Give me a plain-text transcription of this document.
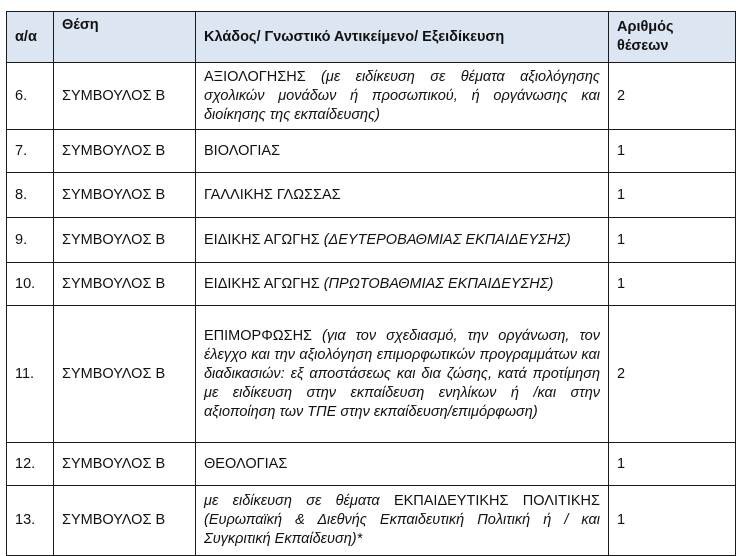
α/α	Θέση	Κλάδος/ Γνωστικό Αντικείμενο/ Εξειδίκευση	Αριθμός
θέσεων
6.	ΣΥΜΒΟΥΛΟΣ Β	ΑΞΙΟΛΟΓΗΣΗΣ (με ειδίκευση σε θέματα αξιολόγησης σχολικών μονάδων ή προσωπικού, ή οργάνωσης και διοίκησης της εκπαίδευσης)	2
7.	ΣΥΜΒΟΥΛΟΣ Β	ΒΙΟΛΟΓΙΑΣ	1
8.	ΣΥΜΒΟΥΛΟΣ Β	ΓΑΛΛΙΚΗΣ ΓΛΩΣΣΑΣ	1
9.	ΣΥΜΒΟΥΛΟΣ Β	ΕΙΔΙΚΗΣ ΑΓΩΓΗΣ (ΔΕΥΤΕΡΟΒΑΘΜΙΑΣ ΕΚΠΑΙΔΕΥΣΗΣ)	1
10.	ΣΥΜΒΟΥΛΟΣ Β	ΕΙΔΙΚΗΣ ΑΓΩΓΗΣ (ΠΡΩΤΟΒΑΘΜΙΑΣ ΕΚΠΑΙΔΕΥΣΗΣ)	1
11.	ΣΥΜΒΟΥΛΟΣ Β	ΕΠΙΜΟΡΦΩΣΗΣ (για τον σχεδιασμό, την οργάνωση, τον έλεγχο και την αξιολόγηση επιμορφωτικών προγραμμάτων και διαδικασιών: εξ αποστάσεως και δια ζώσης, κατά προτίμηση με ειδίκευση στην εκπαίδευση ενηλίκων ή /και στην αξιοποίηση των ΤΠΕ στην εκπαίδευση/επιμόρφωση)	2
12.	ΣΥΜΒΟΥΛΟΣ Β	ΘΕΟΛΟΓΙΑΣ	1
13.	ΣΥΜΒΟΥΛΟΣ Β	με ειδίκευση σε θέματα ΕΚΠΑΙΔΕΥΤΙΚΗΣ ΠΟΛΙΤΙΚΗΣ (Ευρωπαϊκή & Διεθνής Εκπαιδευτική Πολιτική ή / και Συγκριτική Εκπαίδευση)*	1
